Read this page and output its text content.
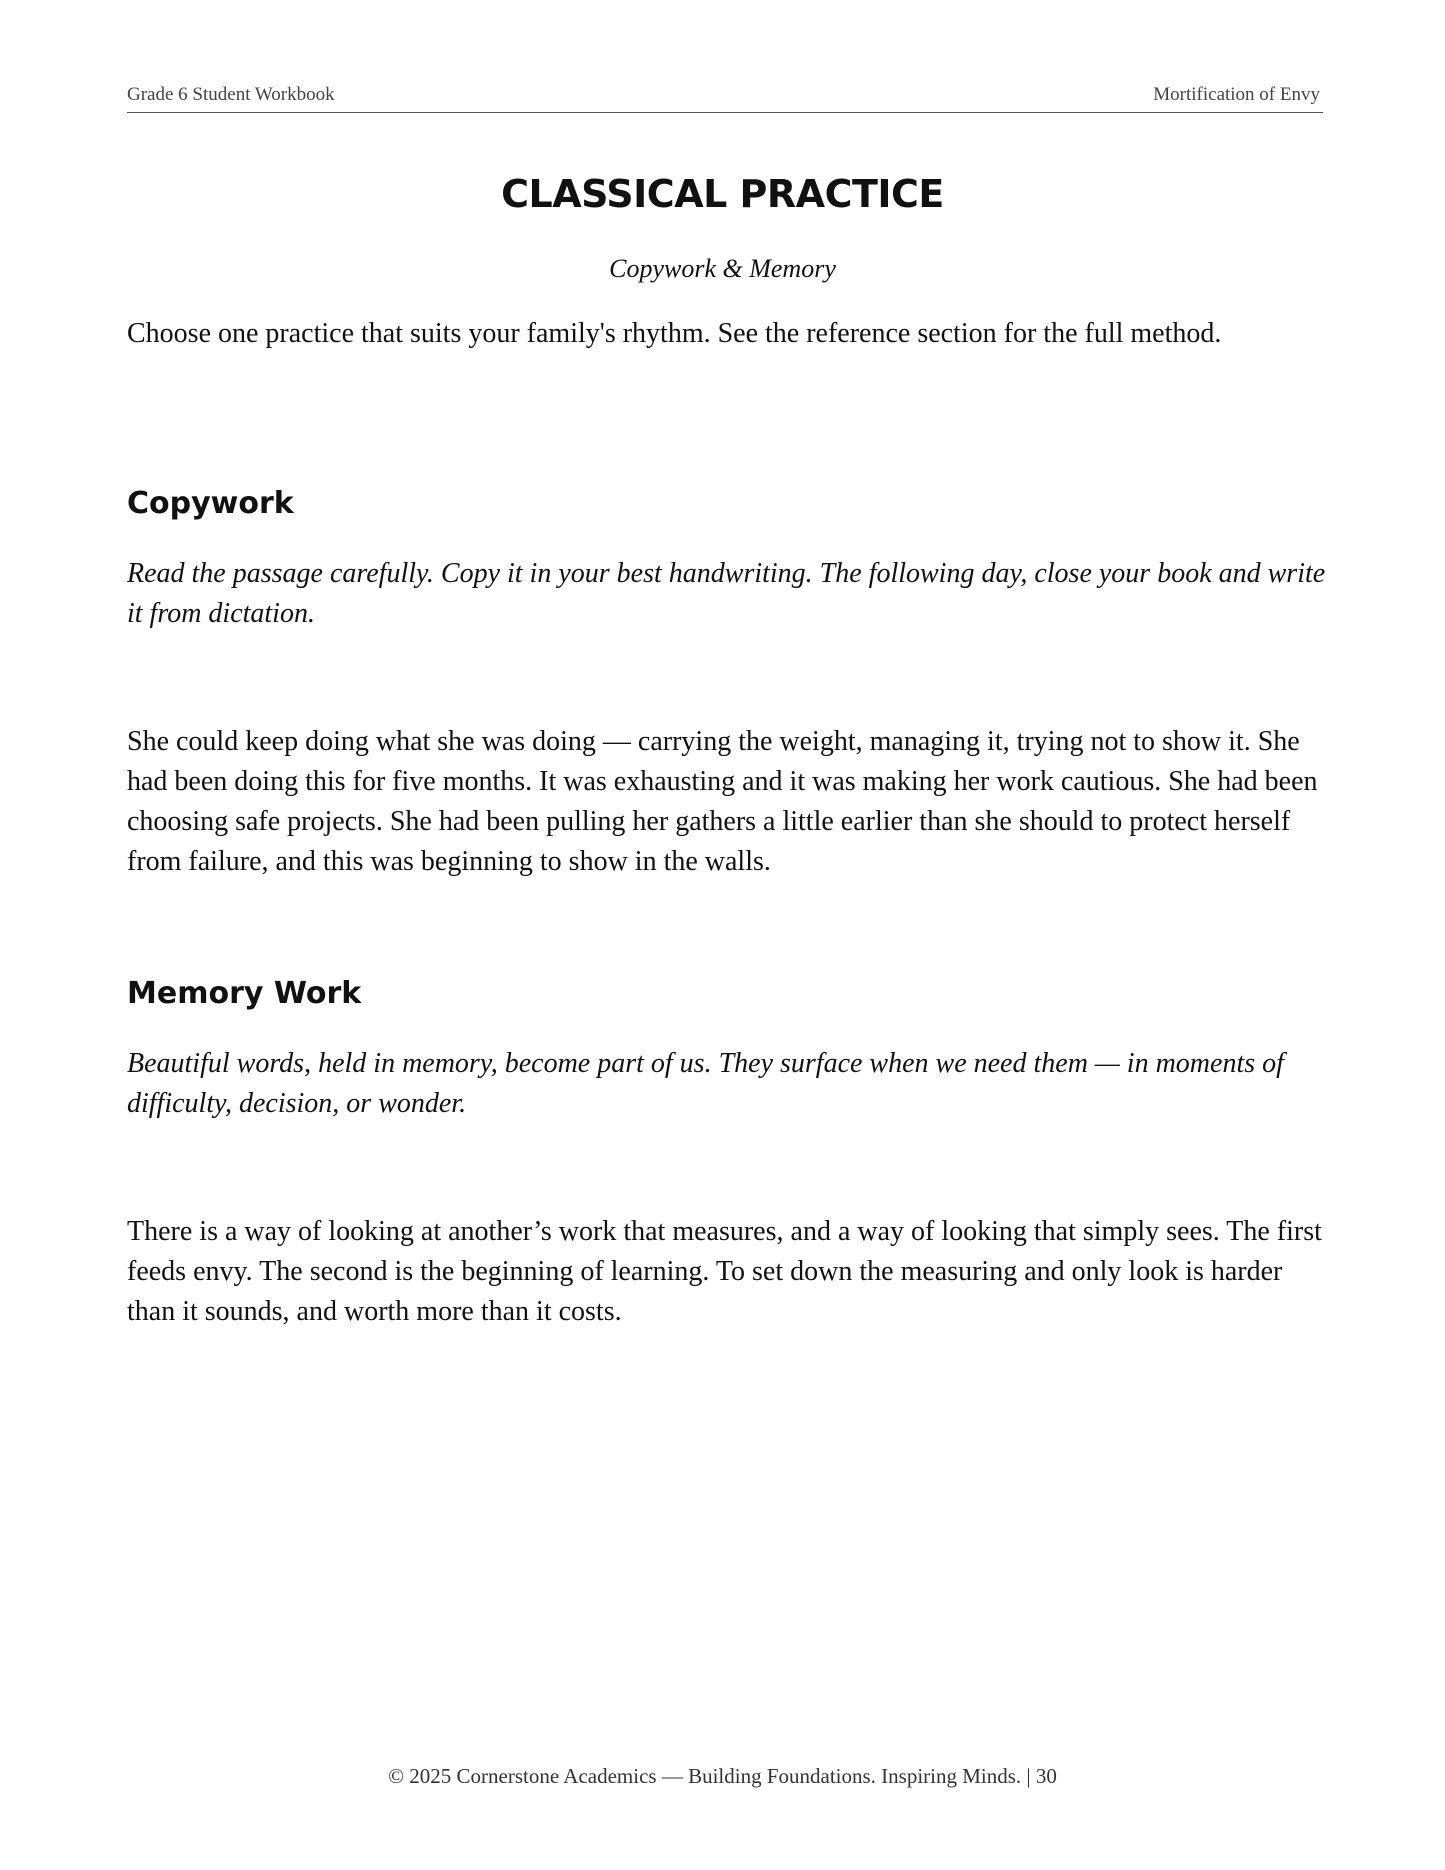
Grade 6 Student Workbook	Mortification of Envy
CLASSICAL PRACTICE
Copywork & Memory
Choose one practice that suits your family's rhythm. See the reference section for the full method.
Copywork
Read the passage carefully. Copy it in your best handwriting. The following day, close your book and write it from dictation.
She could keep doing what she was doing — carrying the weight, managing it, trying not to show it. She had been doing this for five months. It was exhausting and it was making her work cautious. She had been choosing safe projects. She had been pulling her gathers a little earlier than she should to protect herself from failure, and this was beginning to show in the walls.
Memory Work
Beautiful words, held in memory, become part of us. They surface when we need them — in moments of difficulty, decision, or wonder.
There is a way of looking at another’s work that measures, and a way of looking that simply sees. The first feeds envy. The second is the beginning of learning. To set down the measuring and only look is harder than it sounds, and worth more than it costs.
© 2025 Cornerstone Academics — Building Foundations. Inspiring Minds. | 30
